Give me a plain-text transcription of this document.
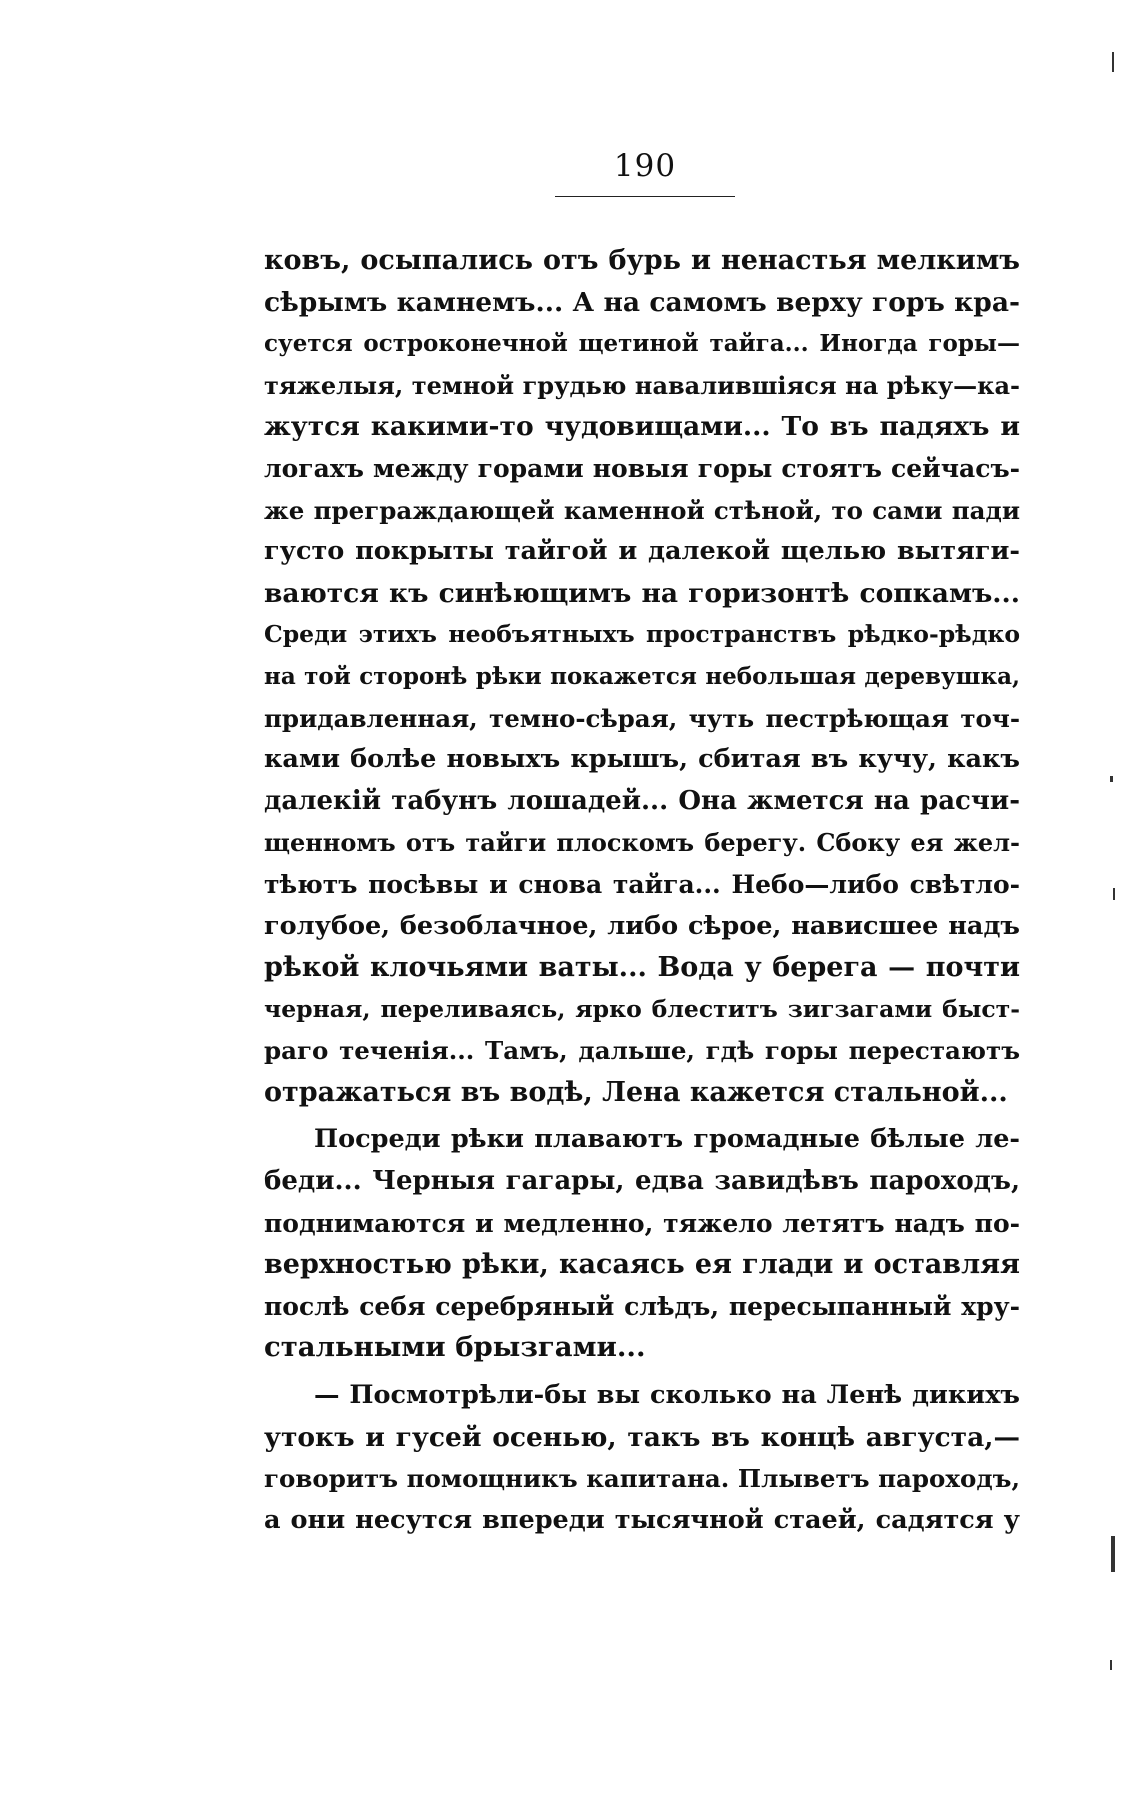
190
ковъ, осыпались отъ бурь и ненастья мелкимъ
сѣрымъ камнемъ... А на самомъ верху горъ кра-
суется остроконечной щетиной тайга... Иногда горы—
тяжелыя, темной грудью навалившiяся на рѣку—ка-
жутся какими-то чудовищами... То въ падяхъ и
логахъ между горами новыя горы стоятъ сейчасъ-
же преграждающей каменной стѣной, то сами пади
густо покрыты тайгой и далекой щелью вытяги-
ваются къ синѣющимъ на горизонтѣ сопкамъ...
Среди этихъ необъятныхъ пространствъ рѣдко-рѣдко
на той сторонѣ рѣки покажется небольшая деревушка,
придавленная, темно-сѣрая, чуть пестрѣющая точ-
ками болѣе новыхъ крышъ, сбитая въ кучу, какъ
далекiй табунъ лошадей... Она жмется на расчи-
щенномъ отъ тайги плоскомъ берегу. Сбоку ея жел-
тѣютъ посѣвы и снова тайга... Небо—либо свѣтло-
голубое, безоблачное, либо сѣрое, нависшее надъ
рѣкой клочьями ваты... Вода у берега — почти
черная, переливаясь, ярко блеститъ зигзагами быст-
раго теченiя... Тамъ, дальше, гдѣ горы перестаютъ
отражаться въ водѣ, Лена кажется стальной...
Посреди рѣки плаваютъ громадные бѣлые ле-
беди... Черныя гагары, едва завидѣвъ пароходъ,
поднимаются и медленно, тяжело летятъ надъ по-
верхностью рѣки, касаясь ея глади и оставляя
послѣ себя серебряный слѣдъ, пересыпанный хру-
стальными брызгами...
— Посмотрѣли-бы вы сколько на Ленѣ дикихъ
утокъ и гусей осенью, такъ въ концѣ августа,—
говоритъ помощникъ капитана. Плыветъ пароходъ,
а они несутся впереди тысячной стаей, садятся у
